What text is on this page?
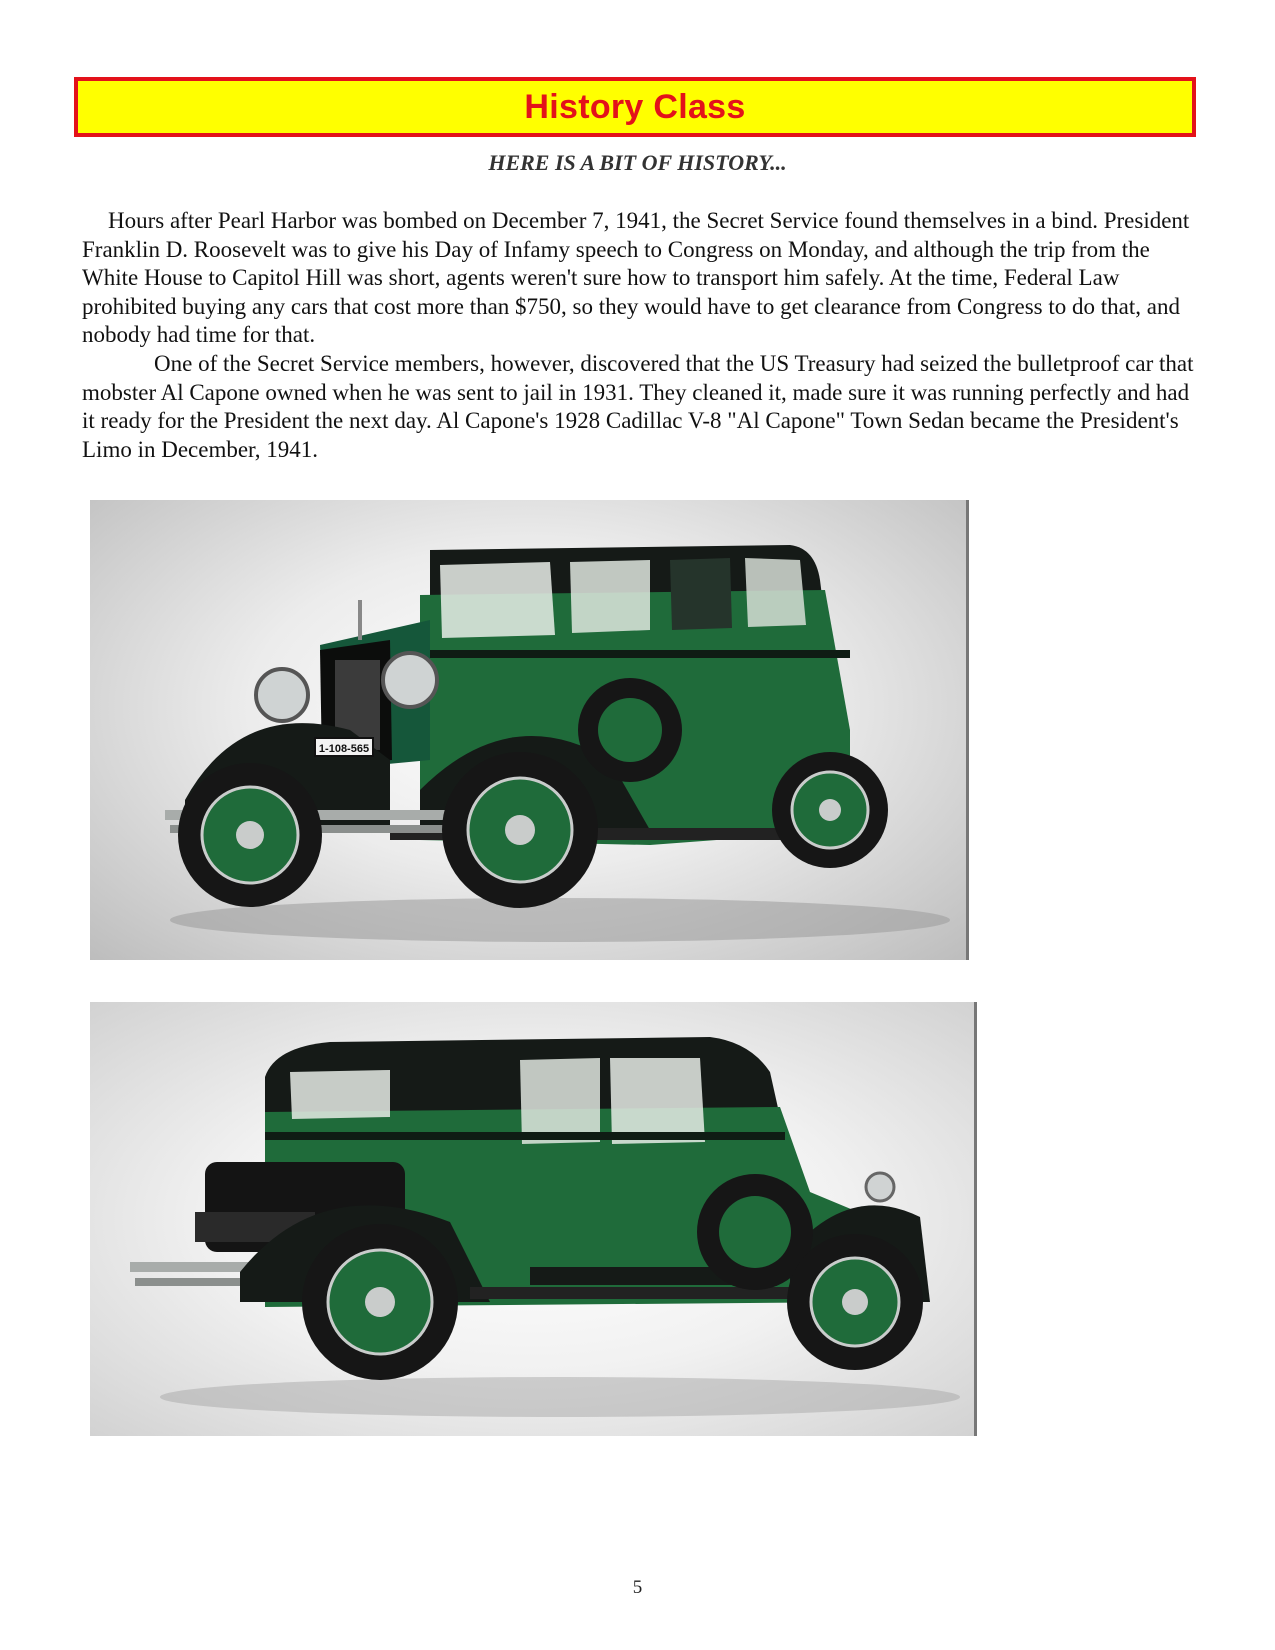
History Class
HERE IS A BIT OF HISTORY...

Hours after Pearl Harbor was bombed on December 7, 1941, the Secret Service found themselves in a bind. President Franklin D. Roosevelt was to give his Day of Infamy speech to Congress on Monday, and although the trip from the White House to Capitol Hill was short, agents weren't sure how to transport him safely. At the time, Federal Law prohibited buying any cars that cost more than $750, so they would have to get clearance from Congress to do that, and nobody had time for that.

One of the Secret Service members, however, discovered that the US Treasury had seized the bulletproof car that mobster Al Capone owned when he was sent to jail in 1931. They cleaned it, made sure it was running perfectly and had it ready for the President the next day. Al Capone's 1928 Cadillac V-8 "Al Capone" Town Sedan became the President's Limo in December, 1941.

1-108-565
5
